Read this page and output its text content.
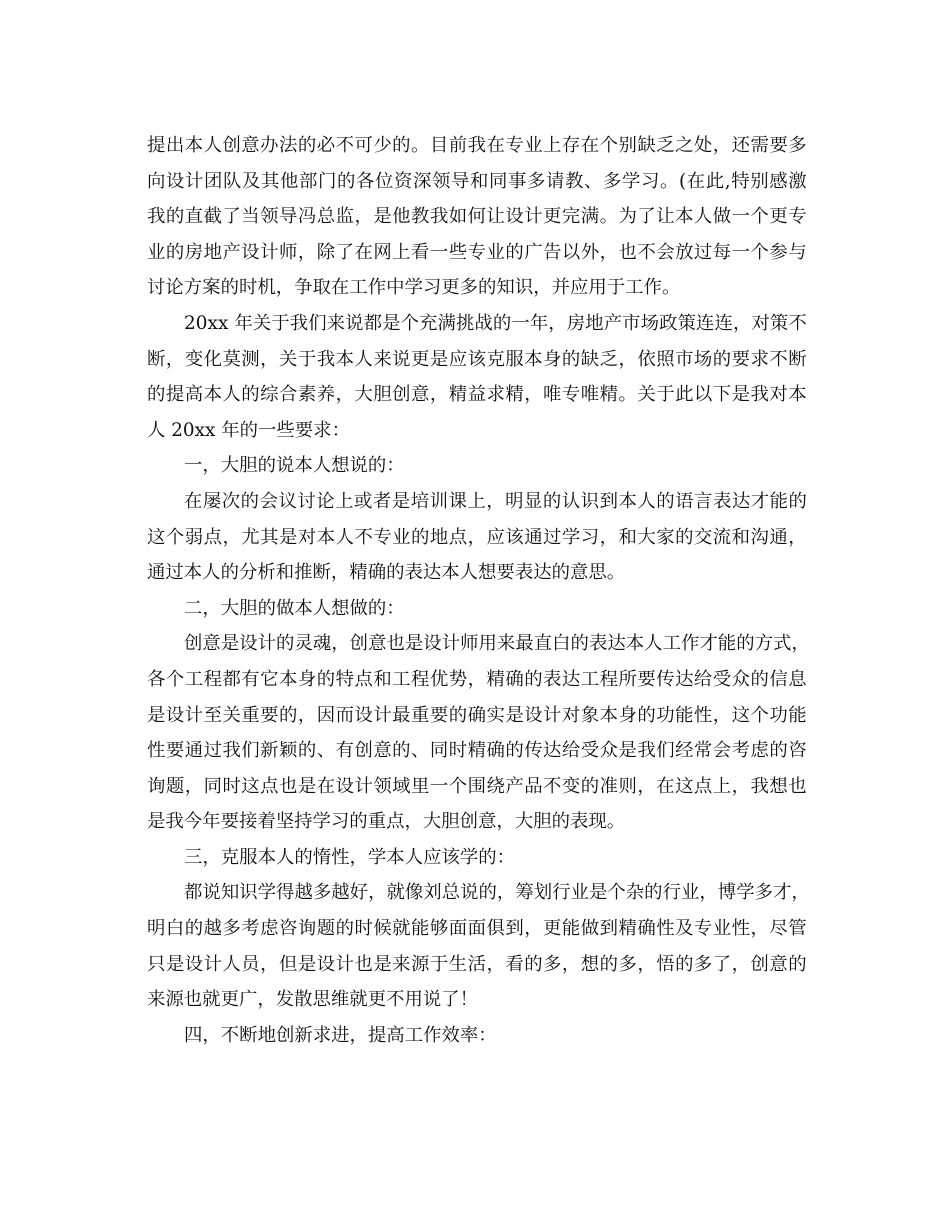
提 出 本 人 创 意 办 法 的 必 不 可 少 的 。 目 前 我 在 专 业 上 存 在 个 别 缺 乏 之 处 ， 还 需 要 多
向 设 计 团 队 及 其 他 部 门 的 各 位 资 深 领 导 和 同 事 多 请 教 、 多 学 习 。 ( 在 此 , 特 别 感 激
我 的 直 截 了 当 领 导 冯 总 监 ， 是 他 教 我 如 何 让 设 计 更 完 满 。 为 了 让 本 人 做 一 个 更 专
业 的 房 地 产 设 计 师 ， 除 了 在 网 上 看 一 些 专 业 的 广 告 以 外 ， 也 不 会 放 过 每 一 个 参 与
讨论方案的时机，争取在工作中学习更多的知识，并应用于工作。
2 0 x x
年 关 于 我 们 来 说 都 是 个 充 满 挑 战 的 一 年 ， 房 地 产 市 场 政 策 连 连 ， 对 策 不
断 ， 变 化 莫 测 ， 关 于 我 本 人 来 说 更 是 应 该 克 服 本 身 的 缺 乏 ， 依 照 市 场 的 要 求 不 断
的 提 高 本 人 的 综 合 素 养 ， 大 胆 创 意 ， 精 益 求 精 ， 唯 专 唯 精 。 关 于 此 以 下 是 我 对 本
人 20xx 年的一些要求：
一，大胆的说本人想说的：
在 屡 次 的 会 议 讨 论 上 或 者 是 培 训 课 上 ， 明 显 的 认 识 到 本 人 的 语 言 表 达 才 能 的
这 个 弱 点 ， 尤 其 是 对 本 人 不 专 业 的 地 点 ， 应 该 通 过 学 习 ， 和 大 家 的 交 流 和 沟 通 ，
通过本人的分析和推断，精确的表达本人想要表达的意思。
二，大胆的做本人想做的：
创 意 是 设 计 的 灵 魂 ， 创 意 也 是 设 计 师 用 来 最 直 白 的 表 达 本 人 工 作 才 能 的 方 式 ，
各 个 工 程 都 有 它 本 身 的 特 点 和 工 程 优 势 ， 精 确 的 表 达 工 程 所 要 传 达 给 受 众 的 信 息
是 设 计 至 关 重 要 的 ， 因 而 设 计 最 重 要 的 确 实 是 设 计 对 象 本 身 的 功 能 性 ， 这 个 功 能
性 要 通 过 我 们 新 颖 的 、 有 创 意 的 、 同 时 精 确 的 传 达 给 受 众 是 我 们 经 常 会 考 虑 的 咨
询 题 ， 同 时 这 点 也 是 在 设 计 领 域 里 一 个 围 绕 产 品 不 变 的 准 则 ， 在 这 点 上 ， 我 想 也
是我今年要接着坚持学习的重点，大胆创意，大胆的表现。
三，克服本人的惰性，学本人应该学的：
都 说 知 识 学 得 越 多 越 好 ， 就 像 刘 总 说 的 ， 筹 划 行 业 是 个 杂 的 行 业 ， 博 学 多 才 ，
明 白 的 越 多 考 虑 咨 询 题 的 时 候 就 能 够 面 面 俱 到 ， 更 能 做 到 精 确 性 及 专 业 性 ， 尽 管
只 是 设 计 人 员 ， 但 是 设 计 也 是 来 源 于 生 活 ， 看 的 多 ， 想 的 多 ， 悟 的 多 了 ， 创 意 的
来源也就更广，发散思维就更不用说了！
四，不断地创新求进，提高工作效率：
